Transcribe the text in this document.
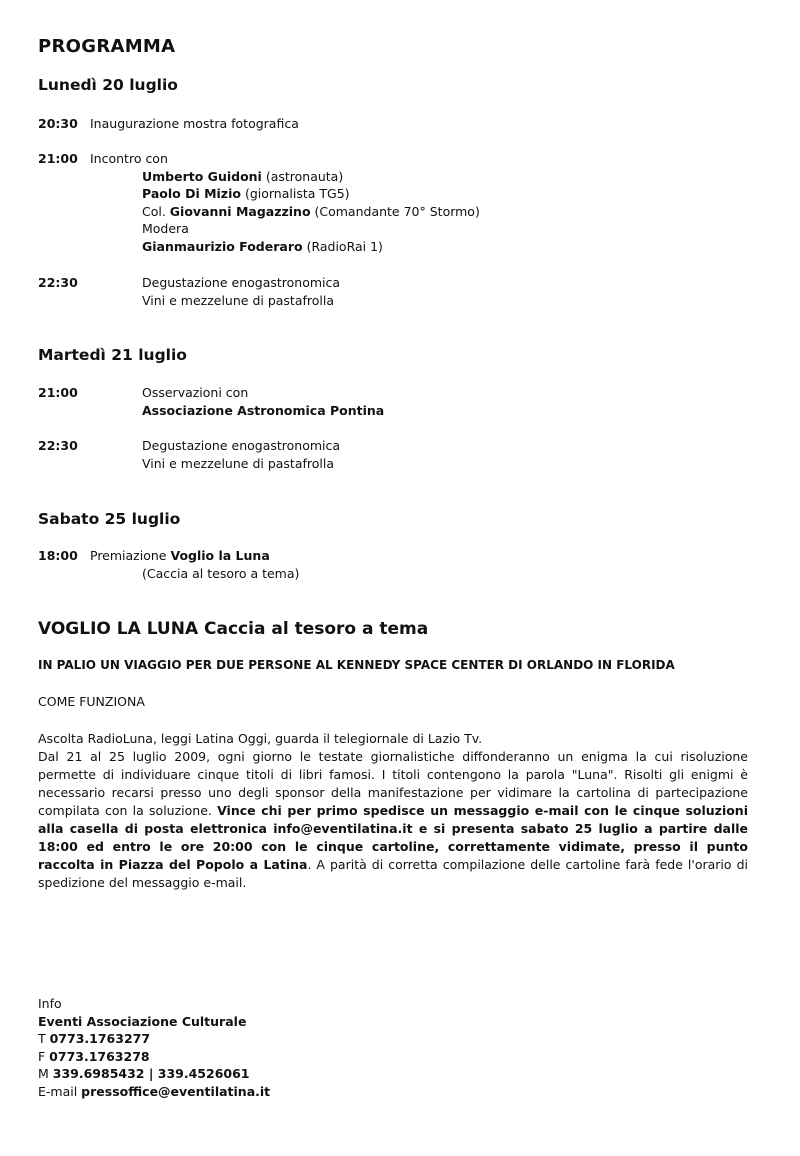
PROGRAMMA
Lunedì 20 luglio
20:30 Inaugurazione mostra fotografica
21:00 Incontro con
Umberto Guidoni (astronauta)
Paolo Di Mizio (giornalista TG5)
Col. Giovanni Magazzino (Comandante 70° Stormo)
Modera
Gianmaurizio Foderaro (RadioRai 1)
22:30	Degustazione enogastronomica
Vini e mezzelune di pastafrolla
Martedì 21 luglio
21:00	Osservazioni con
Associazione Astronomica Pontina
22:30	Degustazione enogastronomica
Vini e mezzelune di pastafrolla
Sabato 25 luglio
18:00 Premiazione Voglio la Luna
(Caccia al tesoro a tema)
VOGLIO LA LUNA Caccia al tesoro a tema
IN PALIO UN VIAGGIO PER DUE PERSONE AL KENNEDY SPACE CENTER DI ORLANDO IN FLORIDA
COME FUNZIONA
Ascolta RadioLuna, leggi Latina Oggi, guarda il telegiornale di Lazio Tv.
Dal 21 al 25 luglio 2009, ogni giorno le testate giornalistiche diffonderanno un enigma la cui risoluzione permette di individuare cinque titoli di libri famosi. I titoli contengono la parola "Luna". Risolti gli enigmi è necessario recarsi presso uno degli sponsor della manifestazione per vidimare la cartolina di partecipazione compilata con la soluzione. Vince chi per primo spedisce un messaggio e-mail con le cinque soluzioni alla casella di posta elettronica info@eventilatina.it e si presenta sabato 25 luglio a partire dalle 18:00 ed entro le ore 20:00 con le cinque cartoline, correttamente vidimate, presso il punto raccolta in Piazza del Popolo a Latina. A parità di corretta compilazione delle cartoline farà fede l'orario di spedizione del messaggio e-mail.
Info
Eventi Associazione Culturale
T 0773.1763277
F 0773.1763278
M 339.6985432 | 339.4526061
E-mail pressoffice@eventilatina.it
